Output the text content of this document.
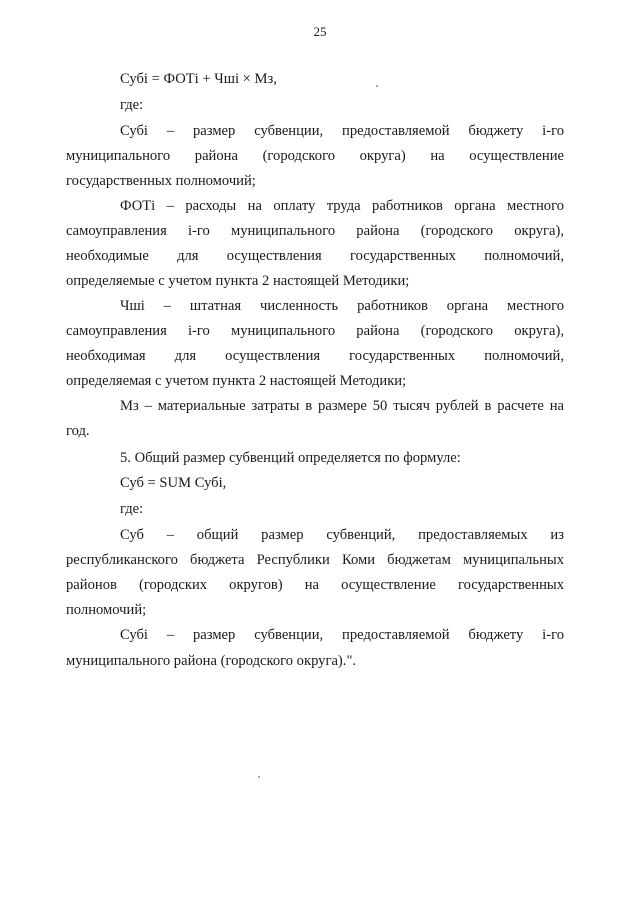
25
Субі = ФОТі + Чші × Мз,
где:
Субі – размер субвенции, предоставляемой бюджету і-го
муниципального района (городского округа) на осуществление
государственных полномочий;
ФОТі – расходы на оплату труда работников органа местного
самоуправления і-го муниципального района (городского округа),
необходимые для осуществления государственных полномочий,
определяемые с учетом пункта 2 настоящей Методики;
Чші – штатная численность работников органа местного
самоуправления і-го муниципального района (городского округа),
необходимая для осуществления государственных полномочий,
определяемая с учетом пункта 2 настоящей Методики;
Мз – материальные затраты в размере 50 тысяч рублей в расчете на
год.
5. Общий размер субвенций определяется по формуле:
Суб = SUM Субі,
где:
Суб – общий размер субвенций, предоставляемых из
республиканского бюджета Республики Коми бюджетам муниципальных
районов (городских округов) на осуществление государственных
полномочий;
Субі – размер субвенции, предоставляемой бюджету і-го
муниципального района (городского округа).".
